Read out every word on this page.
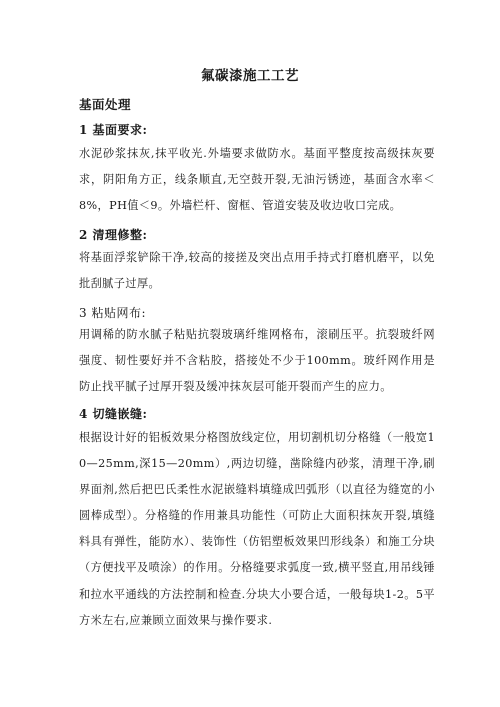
氟碳漆施工工艺
基面处理
1 基面要求:
水泥砂浆抹灰,抹平收光.外墙要求做防水。基面平整度按高级抹灰要求，阴阳角方正，线条顺直,无空鼓开裂,无油污锈迹，基面含水率＜8%，PH值＜9。外墙栏杆、窗框、管道安装及收边收口完成。
2 清理修整:
将基面浮浆铲除干净,较高的接搓及突出点用手持式打磨机磨平，以免批刮腻子过厚。
3 粘贴网布:
用调稀的防水腻子粘贴抗裂玻璃纤维网格布，滚刷压平。抗裂玻纤网强度、韧性要好并不含粘胶，搭接处不少于100mm。玻纤网作用是防止找平腻子过厚开裂及缓冲抹灰层可能开裂而产生的应力。
4 切缝嵌缝:
根据设计好的铝板效果分格图放线定位，用切割机切分格缝（一般宽10—25mm,深15—20mm）,两边切缝，凿除缝内砂浆，清理干净,刷界面剂,然后把巴氏柔性水泥嵌缝料填缝成凹弧形（以直径为缝宽的小圆棒成型）。分格缝的作用兼具功能性（可防止大面积抹灰开裂,填缝料具有弹性，能防水）、装饰性（仿铝塑板效果凹形线条）和施工分块（方便找平及喷涂）的作用。分格缝要求弧度一致,横平竖直,用吊线锤和拉水平通线的方法控制和检查.分块大小要合适，一般每块1-2。5平方米左右,应兼顾立面效果与操作要求.
